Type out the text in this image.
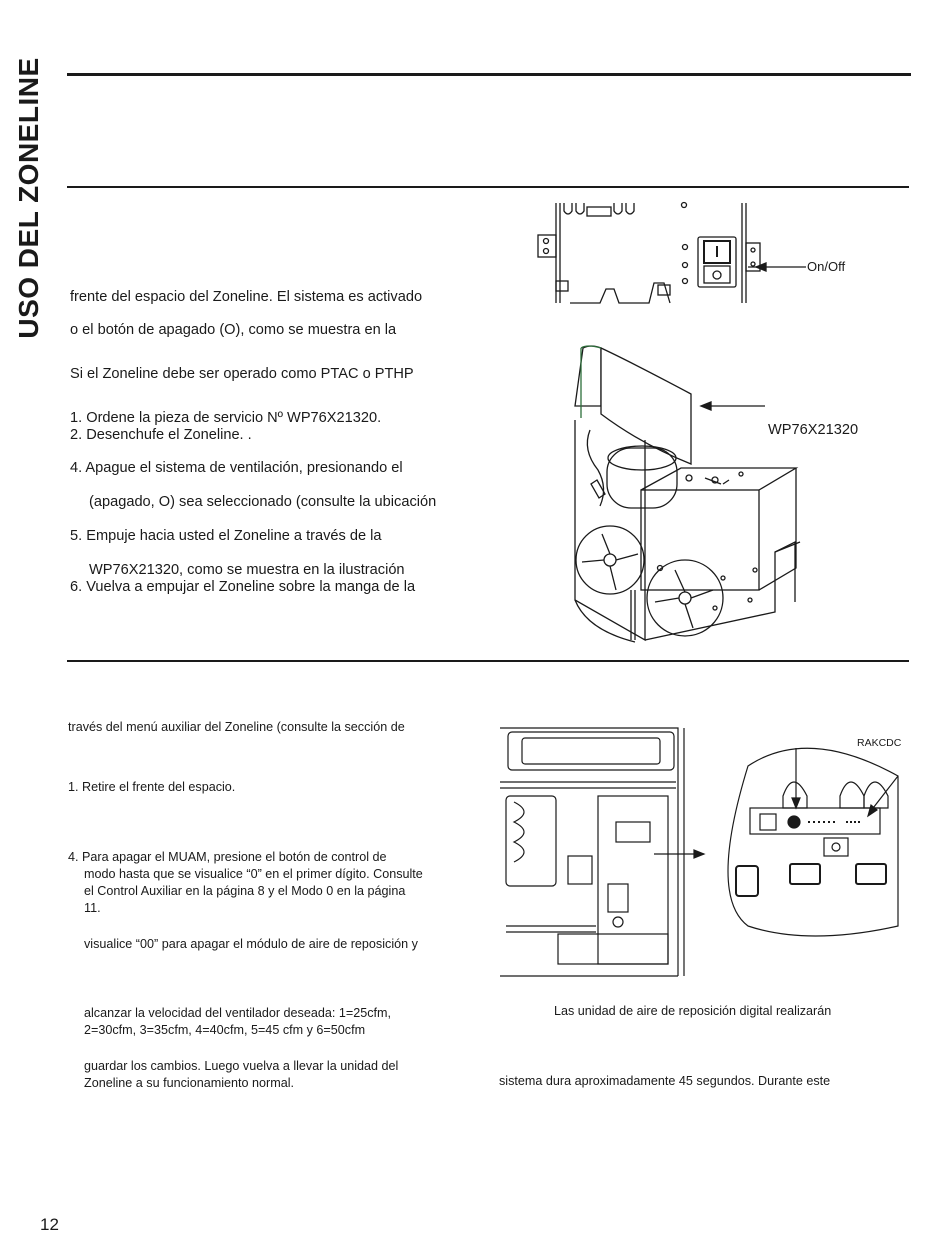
USO DEL ZONELINE frente del espacio del Zoneline. El sistema es activado
o el botón de apagado (O), como se muestra en la
Si el Zoneline debe ser operado como PTAC o PTHP
1. Ordene la pieza de servicio Nº WP76X21320.
2. Desenchufe el Zoneline. .
4. Apague el sistema de ventilación, presionando el
(apagado, O) sea seleccionado (consulte la ubicación
5. Empuje hacia usted el Zoneline a través de la
WP76X21320, como se muestra en la ilustración
6. Vuelva a empujar el Zoneline sobre la manga de la
On/Off
WP76X21320
través del menú auxiliar del Zoneline (consulte la sección de
1. Retire el frente del espacio.
4. Para apagar el MUAM, presione el botón de control de
modo hasta que se visualice “0” en el primer dígito. Consulte
el Control Auxiliar en la página 8 y el Modo 0 en la página
11.
visualice “00” para apagar el módulo de aire de reposición y
alcanzar la velocidad del ventilador deseada: 1=25cfm,
2=30cfm, 3=35cfm, 4=40cfm, 5=45 cfm y 6=50cfm
guardar los cambios. Luego vuelva a llevar la unidad del
Zoneline a su funcionamiento normal.
RAKCDC
Las unidad de aire de reposición digital realizarán
sistema dura aproximadamente 45 segundos. Durante este
12
